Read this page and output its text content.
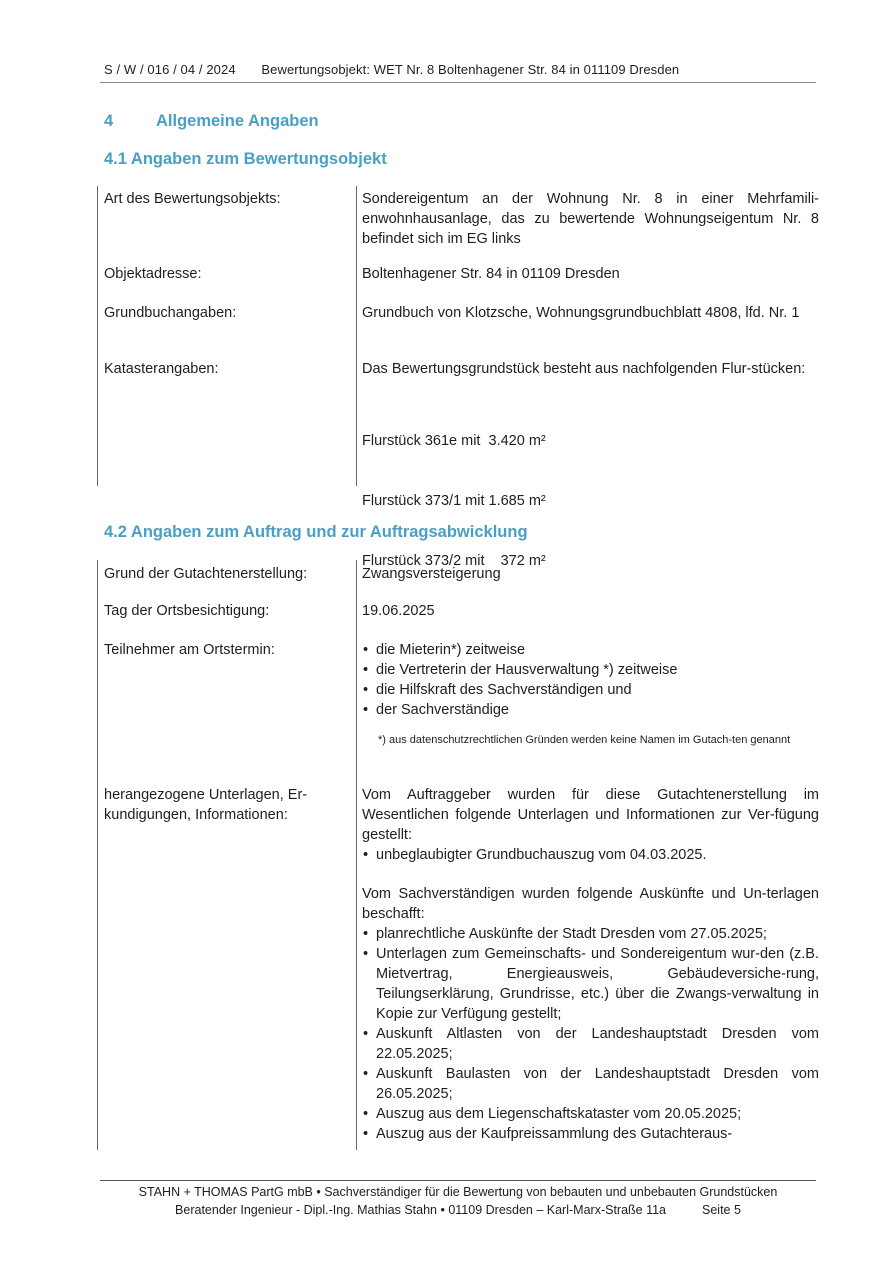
S / W / 016 / 04 / 2024 Bewertungsobjekt: WET Nr. 8 Boltenhagener Str. 84 in 011109 Dresden
4	Allgemeine Angaben
4.1 Angaben zum Bewertungsobjekt
Art des Bewertungsobjekts:	Sondereigentum an der Wohnung Nr. 8 in einer Mehrfamili-enwohnhausanlage, das zu bewertende Wohnungseigentum Nr. 8 befindet sich im EG links
Objektadresse:	Boltenhagener Str. 84 in 01109 Dresden
Grundbuchangaben:	Grundbuch von Klotzsche, Wohnungsgrundbuchblatt 4808, lfd. Nr. 1
Katasterangaben:	Das Bewertungsgrundstück besteht aus nachfolgenden Flur-stücken:

Flurstück 361e mit  3.420 m²

Flurstück 373/1 mit 1.685 m²

Flurstück 373/2 mit    372 m²

4.2 Angaben zum Auftrag und zur Auftragsabwicklung
Grund der Gutachtenerstellung:	Zwangsversteigerung
Tag der Ortsbesichtigung:	19.06.2025
Teilnehmer am Ortstermin:
•	die Mieterin*) zeitweise
• die Vertreterin der Hausverwaltung *) zeitweise
• die Hilfskraft des Sachverständigen und
• der Sachverständige
*) aus datenschutzrechtlichen Gründen werden keine Namen im Gutach-ten genannt
herangezogene Unterlagen, Er-kundigungen, Informationen:

Vom Auftraggeber wurden für diese Gutachtenerstellung im Wesentlichen folgende Unterlagen und Informationen zur Ver-fügung gestellt:

• unbeglaubigter Grundbuchauszug vom 04.03.2025.

Vom Sachverständigen wurden folgende Auskünfte und Un-terlagen beschafft:

• planrechtliche Auskünfte der Stadt Dresden vom 27.05.2025;
• Unterlagen zum Gemeinschafts- und Sondereigentum wur-den (z.B. Mietvertrag, Energieausweis, Gebäudeversiche-rung, Teilungserklärung, Grundrisse, etc.) über die Zwangs-verwaltung in Kopie zur Verfügung gestellt;
• Auskunft Altlasten von der Landeshauptstadt Dresden vom 22.05.2025;
• Auskunft Baulasten von der Landeshauptstadt Dresden vom 26.05.2025;
• Auszug aus dem Liegenschaftskataster vom 20.05.2025;
• Auszug aus der Kaufpreissammlung des Gutachteraus-
STAHN + THOMAS PartG mbB • Sachverständiger für die Bewertung von bebauten und unbebauten Grundstücken
Beratender Ingenieur - Dipl.-Ing. Mathias Stahn • 01109 Dresden – Karl-Marx-Straße 11a	Seite 5
